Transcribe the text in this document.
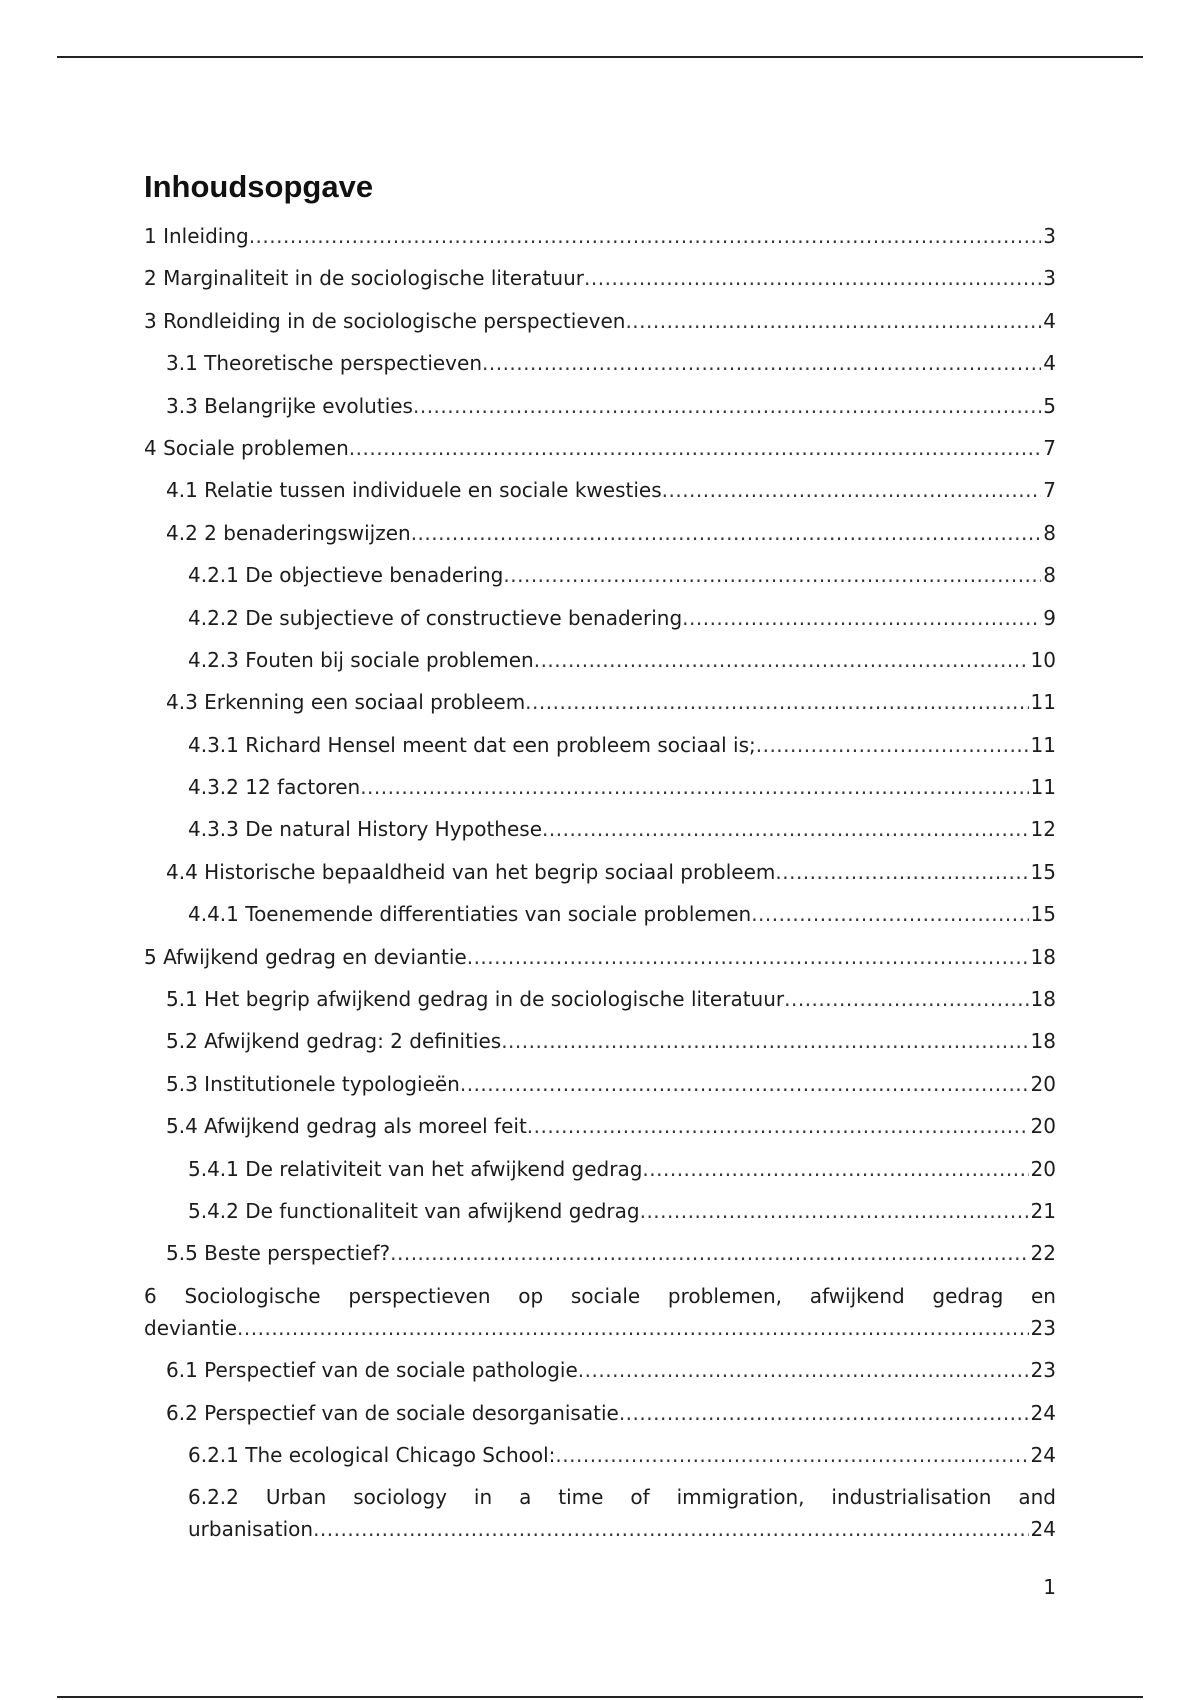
Inhoudsopgave
1 Inleiding .....	3
2 Marginaliteit in de sociologische literatuur .....	3
3 Rondleiding in de sociologische perspectieven .....	4
3.1 Theoretische perspectieven .....	4
3.3 Belangrijke evoluties .....	5
4 Sociale problemen .....	7
4.1 Relatie tussen individuele en sociale kwesties .....	7
4.2 2 benaderingswijzen .....	8
4.2.1 De objectieve benadering .....	8
4.2.2 De subjectieve of constructieve benadering .....	9
4.2.3 Fouten bij sociale problemen .....	10
4.3 Erkenning een sociaal probleem .....	11
4.3.1 Richard Hensel meent dat een probleem sociaal is; .....	11
4.3.2 12 factoren .....	11
4.3.3 De natural History Hypothese .....	12
4.4 Historische bepaaldheid van het begrip sociaal probleem .....	15
4.4.1 Toenemende differentiaties van sociale problemen .....	15
5 Afwijkend gedrag en deviantie .....	18
5.1 Het begrip afwijkend gedrag in de sociologische literatuur .....	18
5.2 Afwijkend gedrag: 2 definities .....	18
5.3 Institutionele typologieën .....	20
5.4 Afwijkend gedrag als moreel feit .....	20
5.4.1 De relativiteit van het afwijkend gedrag .....	20
5.4.2 De functionaliteit van afwijkend gedrag .....	21
5.5 Beste perspectief? .....	22
6 Sociologische perspectieven op sociale problemen, afwijkend gedrag en
deviantie .....	23
6.1 Perspectief van de sociale pathologie .....	23
6.2 Perspectief van de sociale desorganisatie .....	24
6.2.1 The ecological Chicago School: .....	24
6.2.2 Urban sociology in a time of immigration, industrialisation and
urbanisation .....	24
1
